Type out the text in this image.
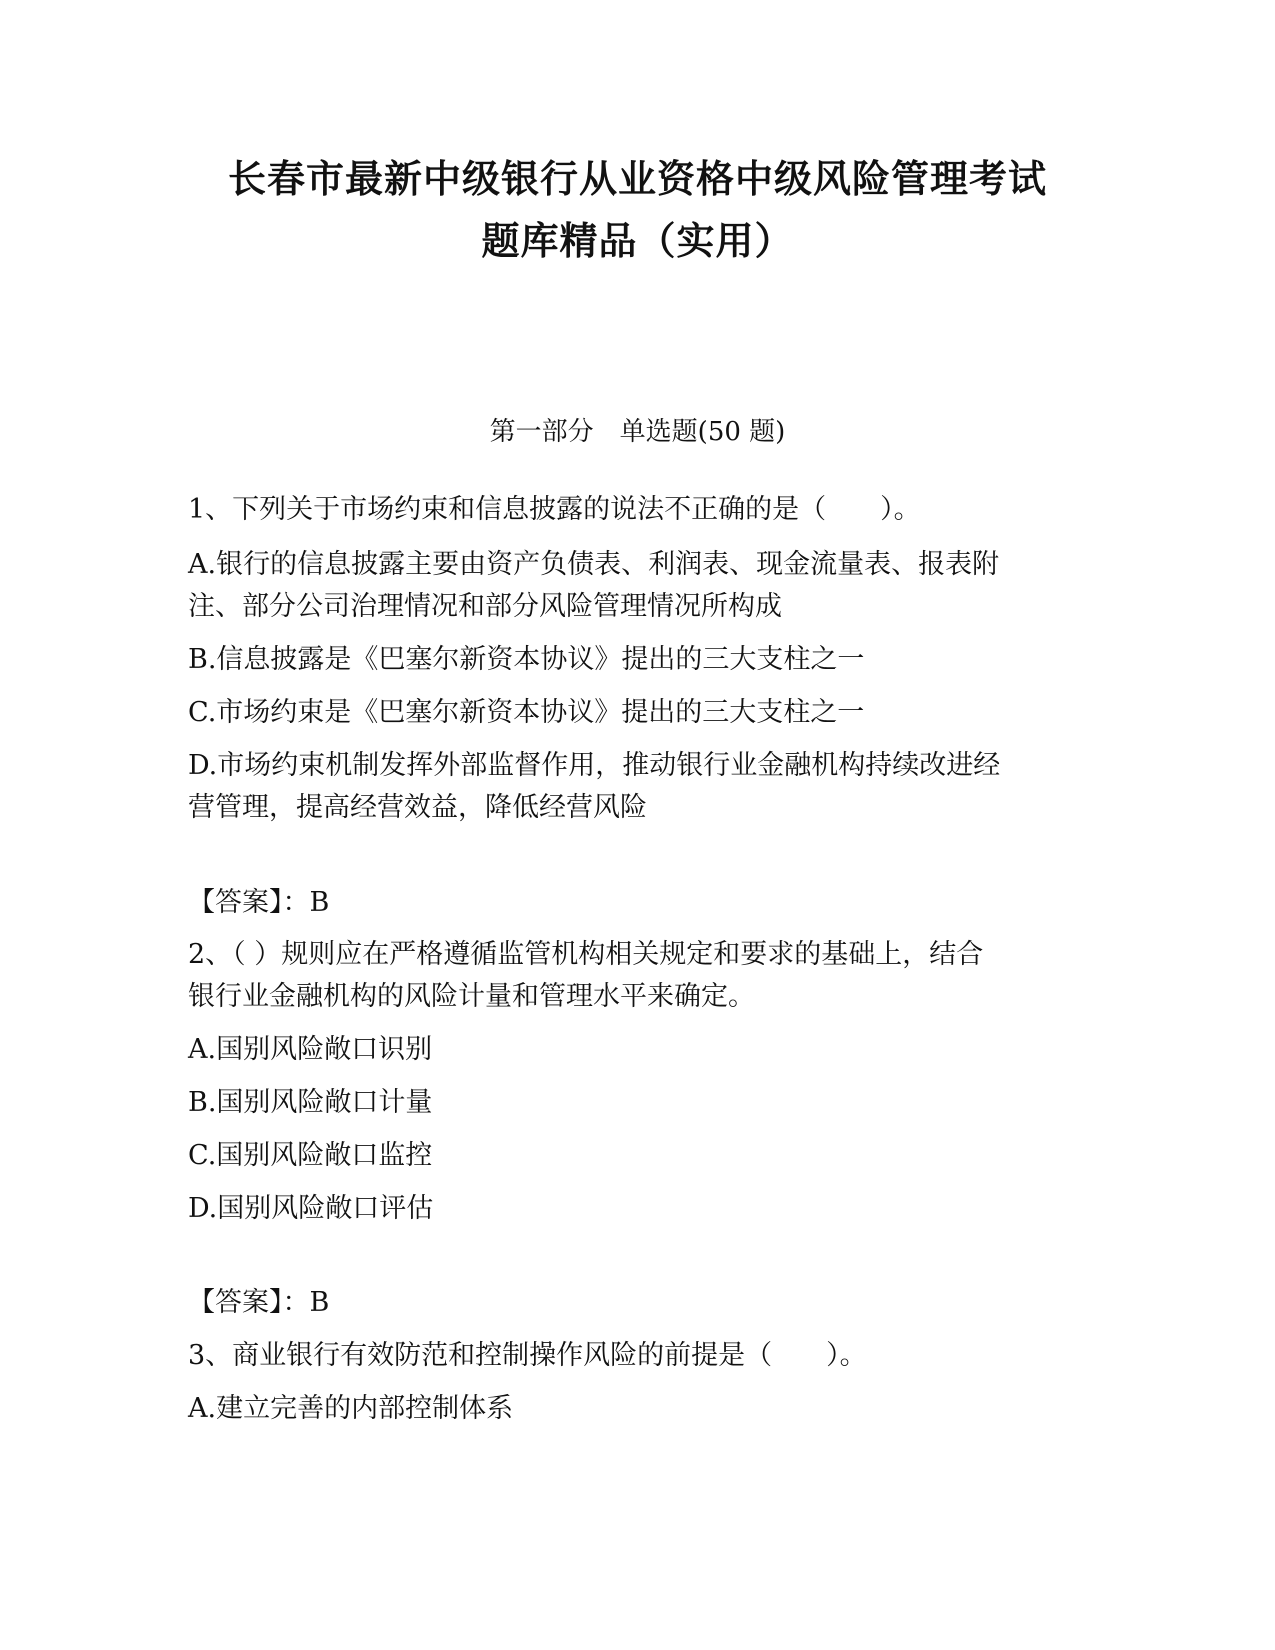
长春市最新中级银行从业资格中级风险管理考试
题库精品（实用）
第一部分　单选题(50 题)
1、下列关于市场约束和信息披露的说法不正确的是（　　）。
A.银行的信息披露主要由资产负债表、利润表、现金流量表、报表附
注、部分公司治理情况和部分风险管理情况所构成
B.信息披露是《巴塞尔新资本协议》提出的三大支柱之一
C.市场约束是《巴塞尔新资本协议》提出的三大支柱之一
D.市场约束机制发挥外部监督作用，推动银行业金融机构持续改进经
营管理，提高经营效益，降低经营风险
【答案】：B
2、（ ）规则应在严格遵循监管机构相关规定和要求的基础上，结合
银行业金融机构的风险计量和管理水平来确定。
A.国别风险敞口识别
B.国别风险敞口计量
C.国别风险敞口监控
D.国别风险敞口评估
【答案】：B
3、商业银行有效防范和控制操作风险的前提是（　　）。
A.建立完善的内部控制体系
